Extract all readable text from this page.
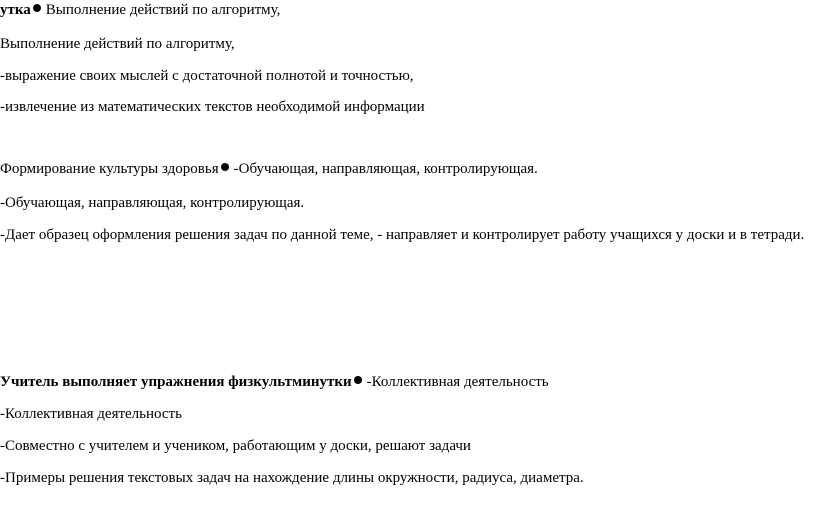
утка Выполнение действий по алгоритму,
Выполнение действий по алгоритму,
-выражение своих мыслей с достаточной полнотой и точностью,
-извлечение из математических текстов необходимой информации
Формирование культуры здоровья -Обучающая, направляющая, контролирующая.
-Обучающая, направляющая, контролирующая.
-Дает образец оформления решения задач по данной теме, - направляет и контролирует работу учащихся у доски и в тетради.
Учитель выполняет упражнения физкультминутки -Коллективная деятельность
-Коллективная деятельность
-Совместно с учителем и учеником, работающим у доски, решают задачи
-Примеры решения текстовых задач на нахождение длины окружности, радиуса, диаметра.
